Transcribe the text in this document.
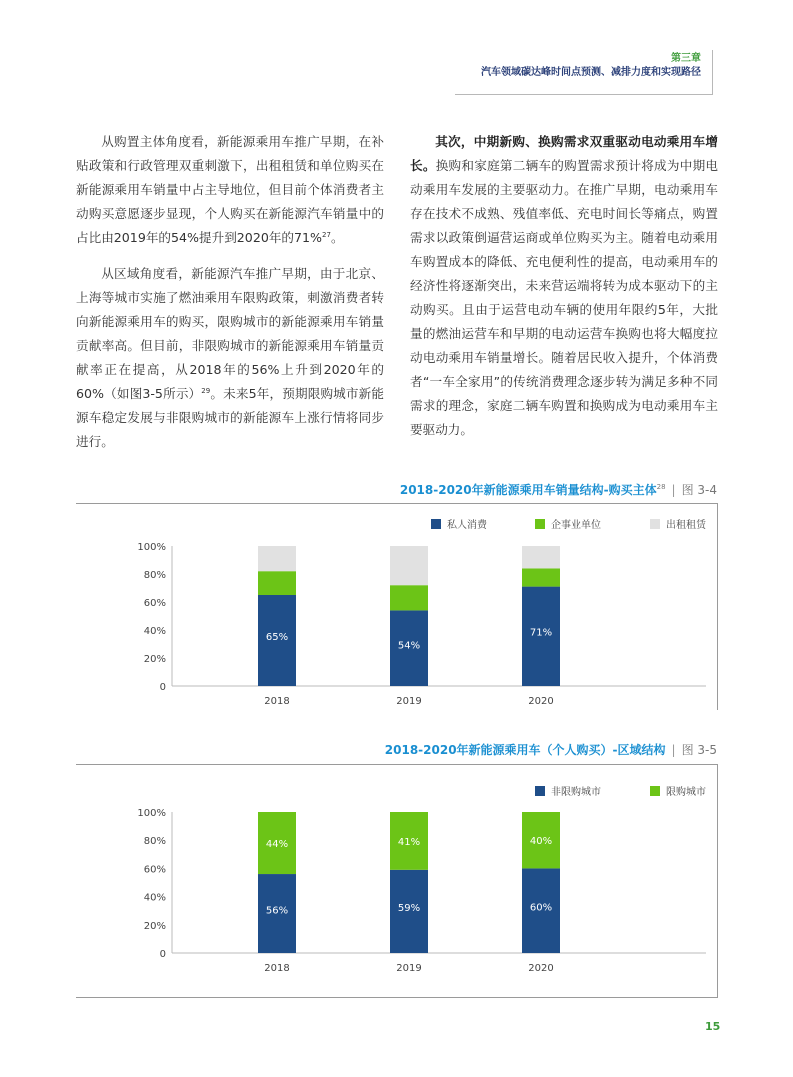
第三章
汽车领域碳达峰时间点预测、减排力度和实现路径

从购置主体角度看，新能源乘用车推广早期，在补贴政策和行政管理双重刺激下，出租租赁和单位购买在新能源乘用车销量中占主导地位，但目前个体消费者主动购买意愿逐步显现，个人购买在新能源汽车销量中的占比由2019年的54%提升到2020年的71%$^{27}$。

从区域角度看，新能源汽车推广早期，由于北京、上海等城市实施了燃油乘用车限购政策，刺激消费者转向新能源乘用车的购买，限购城市的新能源乘用车销量贡献率高。但目前，非限购城市的新能源乘用车销量贡献率正在提高，从2018年的56%上升到2020年的60%（如图3-5所示）$^{29}$。未来5年，预期限购城市新能源车稳定发展与非限购城市的新能源车上涨行情将同步进行。

其次，中期新购、换购需求双重驱动电动乘用车增长。换购和家庭第二辆车的购置需求预计将成为中期电动乘用车发展的主要驱动力。在推广早期，电动乘用车存在技术不成熟、残值率低、充电时间长等痛点，购置需求以政策倒逼营运商或单位购买为主。随着电动乘用车购置成本的降低、充电便利性的提高，电动乘用车的经济性将逐渐突出，未来营运端将转为成本驱动下的主动购买。且由于运营电动车辆的使用年限约5年，大批量的燃油运营车和早期的电动运营车换购也将大幅度拉动电动乘用车销量增长。随着居民收入提升，个体消费者“一车全家用”的传统消费理念逐步转为满足多种不同需求的理念，家庭二辆车购置和换购成为电动乘用车主要驱动力。

2018-2020年新能源乘用车销量结构-购买主体$^{28}$ | 图 3-4
0
20%
40%
60%
80%
100%
65%
2018
54%
2019
71%
2020
出租租赁
企事业单位
私人消费
2018-2020年新能源乘用车（个人购买）-区域结构 | 图 3-5
0
20%
40%
60%
80%
100%
56%
44%
2018
59%
41%
2019
60%
40%
2020
限购城市
非限购城市
15
